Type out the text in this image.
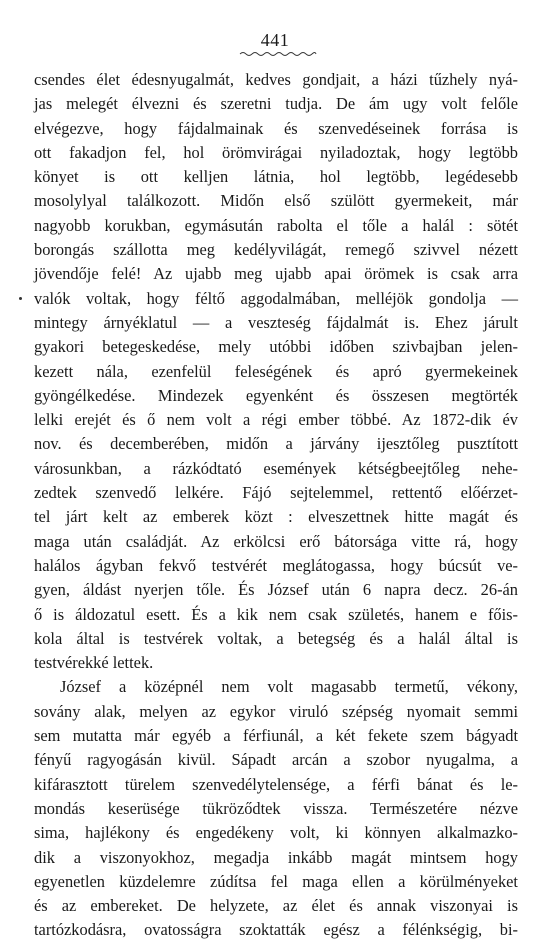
441
csendes élet édesnyugalmát, kedves gondjait, a házi tűzhely nyá-
jas melegét élvezni és szeretni tudja. De ám ugy volt felőle
elvégezve, hogy fájdalmainak és szenvedéseinek forrása is
ott fakadjon fel, hol örömvirágai nyiladoztak, hogy legtöbb
könyet is ott kelljen látnia, hol legtöbb, legédesebb
mosolylyal találkozott. Midőn első szülött gyermekeit, már
nagyobb korukban, egymásután rabolta el tőle a halál : sötét
borongás szállotta meg kedélyvilágát, remegő szivvel nézett
jövendője felé! Az ujabb meg ujabb apai örömek is csak arra
valók voltak, hogy féltő aggodalmában, melléjök gondolja —
mintegy árnyéklatul — a veszteség fájdalmát is. Ehez járult
gyakori betegeskedése, mely utóbbi időben szivbajban jelen-
kezett nála, ezenfelül feleségének és apró gyermekeinek
gyöngélkedése. Mindezek egyenként és összesen megtörték
lelki erejét és ő nem volt a régi ember többé. Az 1872-dik év
nov. és decemberében, midőn a járvány ijesztőleg pusztított
városunkban, a rázkódtató események kétségbeejtőleg nehe-
zedtek szenvedő lelkére. Fájó sejtelemmel, rettentő előérzet-
tel járt kelt az emberek közt : elveszettnek hitte magát és
maga után családját. Az erkölcsi erő bátorsága vitte rá, hogy
halálos ágyban fekvő testvérét meglátogassa, hogy búcsút ve-
gyen, áldást nyerjen tőle. És József után 6 napra decz. 26-án
ő is áldozatul esett. És a kik nem csak születés, hanem e főis-
kola által is testvérek voltak, a betegség és a halál által is
testvérekké lettek.
József a középnél nem volt magasabb termetű, vékony,
sovány alak, melyen az egykor viruló szépség nyomait semmi
sem mutatta már egyéb a férfiunál, a két fekete szem bágyadt
fényű ragyogásán kivül. Sápadt arcán a szobor nyugalma, a
kifárasztott türelem szenvedélytelensége, a férfi bánat és le-
mondás keserüsége tükröződtek vissza. Természetére nézve
sima, hajlékony és engedékeny volt, ki könnyen alkalmazko-
dik a viszonyokhoz, megadja inkább magát mintsem hogy
egyenetlen küzdelemre zúdítsa fel maga ellen a körülményeket
és az embereket. De helyzete, az élet és annak viszonyai is
tartózkodásra, ovatosságra szoktatták egész a félénkségig, bi-
